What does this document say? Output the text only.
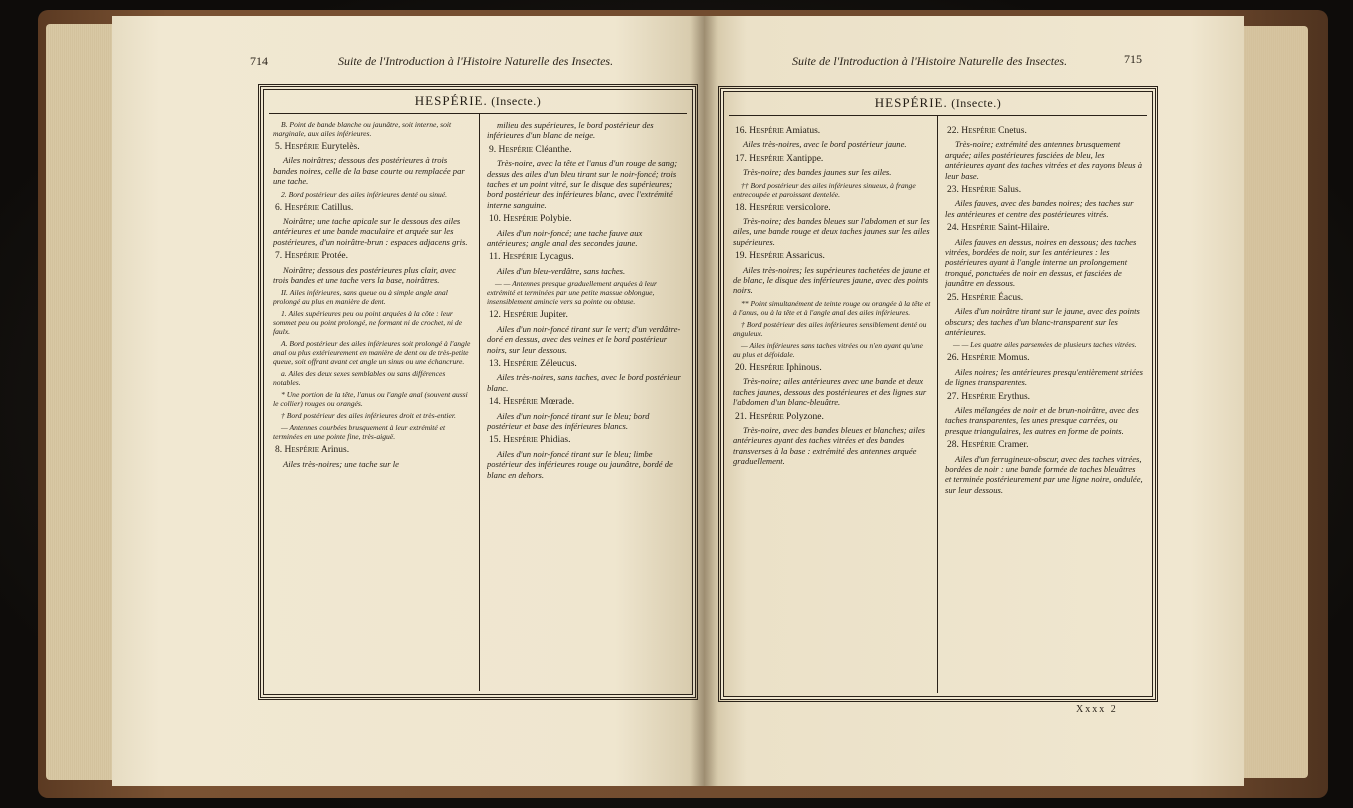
714	Suite de l'Introduction à l'Histoire Naturelle des Insectes.
HESPÉRIE. (Insecte.)

B. Point de bande blanche ou jaunâtre, soit interne, soit marginale, aux ailes inférieures.

5. Hespérie Eurytelès.

Ailes noirâtres; dessous des postérieures à trois bandes noires, celle de la base courte ou remplacée par une tache.

2. Bord postérieur des ailes inférieures denté ou sinué.

6. Hespérie Catillus.

Noirâtre; une tache apicale sur le dessous des ailes antérieures et une bande maculaire et arquée sur les postérieures, d'un noirâtre-brun : espaces adjacens gris.

7. Hespérie Protée.

Noirâtre; dessous des postérieures plus clair, avec trois bandes et une tache vers la base, noirâtres.

II. Ailes inférieures, sans queue ou à simple angle anal prolongé au plus en manière de dent.

1. Ailes supérieures peu ou point arquées à la côte : leur sommet peu ou point prolongé, ne formant ni de crochet, ni de faulx.

A. Bord postérieur des ailes inférieures soit prolongé à l'angle anal ou plus extérieurement en manière de dent ou de très-petite queue, soit offrant avant cet angle un sinus ou une échancrure.

a. Ailes des deux sexes semblables ou sans différences notables.

* Une portion de la tête, l'anus ou l'angle anal (souvent aussi le collier) rouges ou orangés.

† Bord postérieur des ailes inférieures droit et très-entier.

— Antennes courbées brusquement à leur extrémité et terminées en une pointe fine, très-aiguë.

8. Hespérie Arinus.

Ailes très-noires; une tache sur le

milieu des supérieures, le bord postérieur des inférieures d'un blanc de neige.

9. Hespérie Cléanthe.

Très-noire, avec la tête et l'anus d'un rouge de sang; dessus des ailes d'un bleu tirant sur le noir-foncé; trois taches et un point vitré, sur le disque des supérieures; bord postérieur des inférieures blanc, avec l'extrémité interne sanguine.

10. Hespérie Polybie.

Ailes d'un noir-foncé; une tache fauve aux antérieures; angle anal des secondes jaune.

11. Hespérie Lycagus.

Ailes d'un bleu-verdâtre, sans taches.

— — Antennes presque graduellement arquées à leur extrémité et terminées par une petite massue oblongue, insensiblement amincie vers sa pointe ou obtuse.

12. Hespérie Jupiter.

Ailes d'un noir-foncé tirant sur le vert; d'un verdâtre-doré en dessus, avec des veines et le bord postérieur noirs, sur leur dessous.

13. Hespérie Zéleucus.

Ailes très-noires, sans taches, avec le bord postérieur blanc.

14. Hespérie Mœrade.

Ailes d'un noir-foncé tirant sur le bleu; bord postérieur et base des inférieures blancs.

15. Hespérie Phidias.

Ailes d'un noir-foncé tirant sur le bleu; limbe postérieur des inférieures rouge ou jaunâtre, bordé de blanc en dehors.

Suite de l'Introduction à l'Histoire Naturelle des Insectes.	715
HESPÉRIE. (Insecte.)

16. Hespérie Amiatus.

Ailes très-noires, avec le bord postérieur jaune.

17. Hespérie Xantippe.

Très-noire; des bandes jaunes sur les ailes.

†† Bord postérieur des ailes inférieures sinueux, à frange entrecoupée et paroissant dentelée.

18. Hespérie versicolore.

Très-noire; des bandes bleues sur l'abdomen et sur les ailes, une bande rouge et deux taches jaunes sur les ailes supérieures.

19. Hespérie Assaricus.

Ailes très-noires; les supérieures tachetées de jaune et de blanc, le disque des inférieures jaune, avec des points noirs.

** Point simultanément de teinte rouge ou orangée à la tête et à l'anus, ou à la tête et à l'angle anal des ailes inférieures.

† Bord postérieur des ailes inférieures sensiblement denté ou anguleux.

— Ailes inférieures sans taches vitrées ou n'en ayant qu'une au plus et défoidale.

20. Hespérie Iphinous.

Très-noire; ailes antérieures avec une bande et deux taches jaunes, dessous des postérieures et des lignes sur l'abdomen d'un blanc-bleuâtre.

21. Hespérie Polyzone.

Très-noire, avec des bandes bleues et blanches; ailes antérieures ayant des taches vitrées et des bandes transverses à la base : extrémité des antennes arquée graduellement.

22. Hespérie Cnetus.

Très-noire; extrémité des antennes brusquement arquée; ailes postérieures fasciées de bleu, les antérieures ayant des taches vitrées et des rayons bleus à leur base.

23. Hespérie Salus.

Ailes fauves, avec des bandes noires; des taches sur les antérieures et centre des postérieures vitrés.

24. Hespérie Saint-Hilaire.

Ailes fauves en dessus, noires en dessous; des taches vitrées, bordées de noir, sur les antérieures : les postérieures ayant à l'angle interne un prolongement tronqué, ponctuées de noir en dessus, et fasciées de jaunâtre en dessous.

25. Hespérie Éacus.

Ailes d'un noirâtre tirant sur le jaune, avec des points obscurs; des taches d'un blanc-transparent sur les antérieures.

— — Les quatre ailes parsemées de plusieurs taches vitrées.

26. Hespérie Momus.

Ailes noires; les antérieures presqu'entièrement striées de lignes transparentes.

27. Hespérie Erythus.

Ailes mélangées de noir et de brun-noirâtre, avec des taches transparentes, les unes presque carrées, ou presque triangulaires, les autres en forme de points.

28. Hespérie Cramer.

Ailes d'un ferrugineux-obscur, avec des taches vitrées, bordées de noir : une bande formée de taches bleuâtres et terminée postérieurement par une ligne noire, ondulée, sur leur dessous.

Xxxx 2
